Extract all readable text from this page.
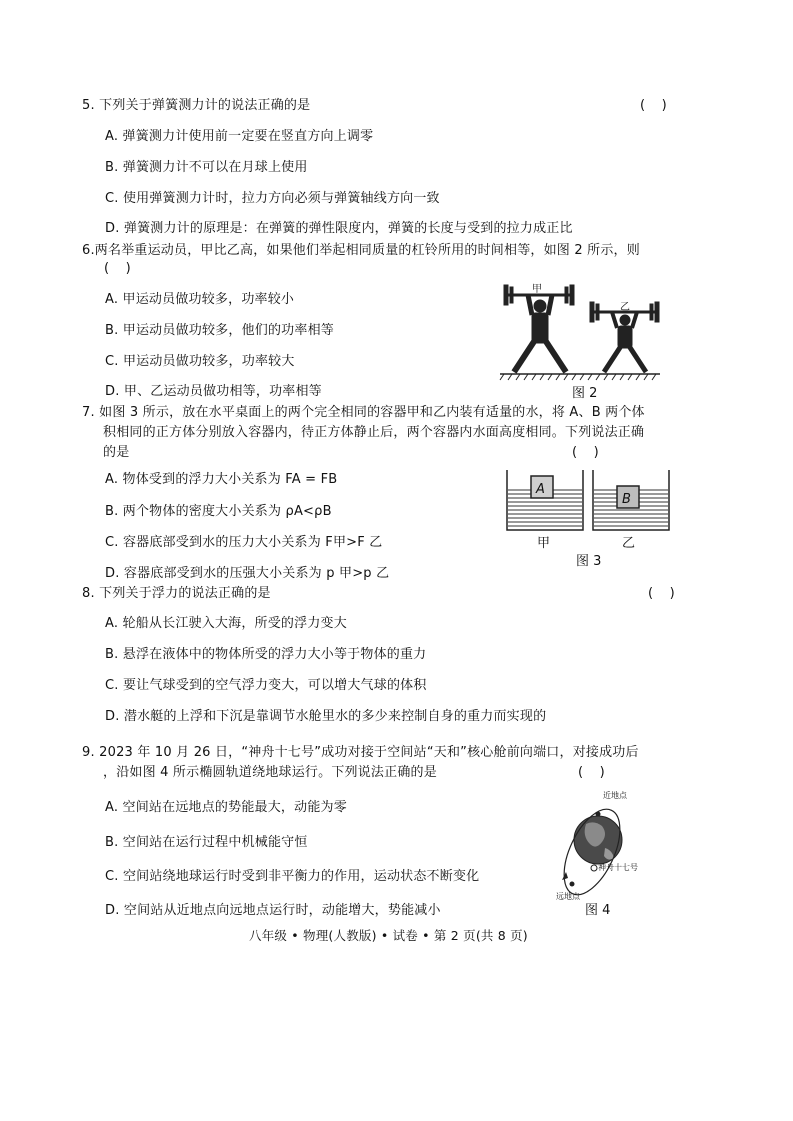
5. 下列关于弹簧测力计的说法正确的是	(    )
A. 弹簧测力计使用前一定要在竖直方向上调零
B. 弹簧测力计不可以在月球上使用
C. 使用弹簧测力计时，拉力方向必须与弹簧轴线方向一致
D. 弹簧测力计的原理是：在弹簧的弹性限度内，弹簧的长度与受到的拉力成正比
6.两名举重运动员，甲比乙高，如果他们举起相同质量的杠铃所用的时间相等，如图 2 所示，则
(    )
A. 甲运动员做功较多，功率较小
B. 甲运动员做功较多，他们的功率相等
C. 甲运动员做功较多，功率较大
D. 甲、乙运动员做功相等，功率相等
甲
乙
图 2
7. 如图 3 所示，放在水平桌面上的两个完全相同的容器甲和乙内装有适量的水，将 A、B 两个体
积相同的正方体分别放入容器内，待正方体静止后，两个容器内水面高度相同。下列说法正确
的是	(    )
A. 物体受到的浮力大小关系为 FA = FB
B. 两个物体的密度大小关系为 ρA<ρB
C. 容器底部受到水的压力大小关系为 F甲>F 乙
D. 容器底部受到水的压强大小关系为 p 甲>p 乙
A
B
甲	乙
图 3
8. 下列关于浮力的说法正确的是	(    )
A. 轮船从长江驶入大海，所受的浮力变大
B. 悬浮在液体中的物体所受的浮力大小等于物体的重力
C. 要让气球受到的空气浮力变大，可以增大气球的体积
D. 潜水艇的上浮和下沉是靠调节水舱里水的多少来控制自身的重力而实现的
9. 2023 年 10 月 26 日，“神舟十七号”成功对接于空间站“天和”核心舱前向端口，对接成功后
，沿如图 4 所示椭圆轨道绕地球运行。下列说法正确的是	(    )
A. 空间站在远地点的势能最大，动能为零
B. 空间站在运行过程中机械能守恒
C. 空间站绕地球运行时受到非平衡力的作用，运动状态不断变化
D. 空间站从近地点向远地点运行时，动能增大，势能减小
近地点
神舟十七号
远地点
图 4
八年级 • 物理(人教版) • 试卷 • 第 2 页(共 8 页)
